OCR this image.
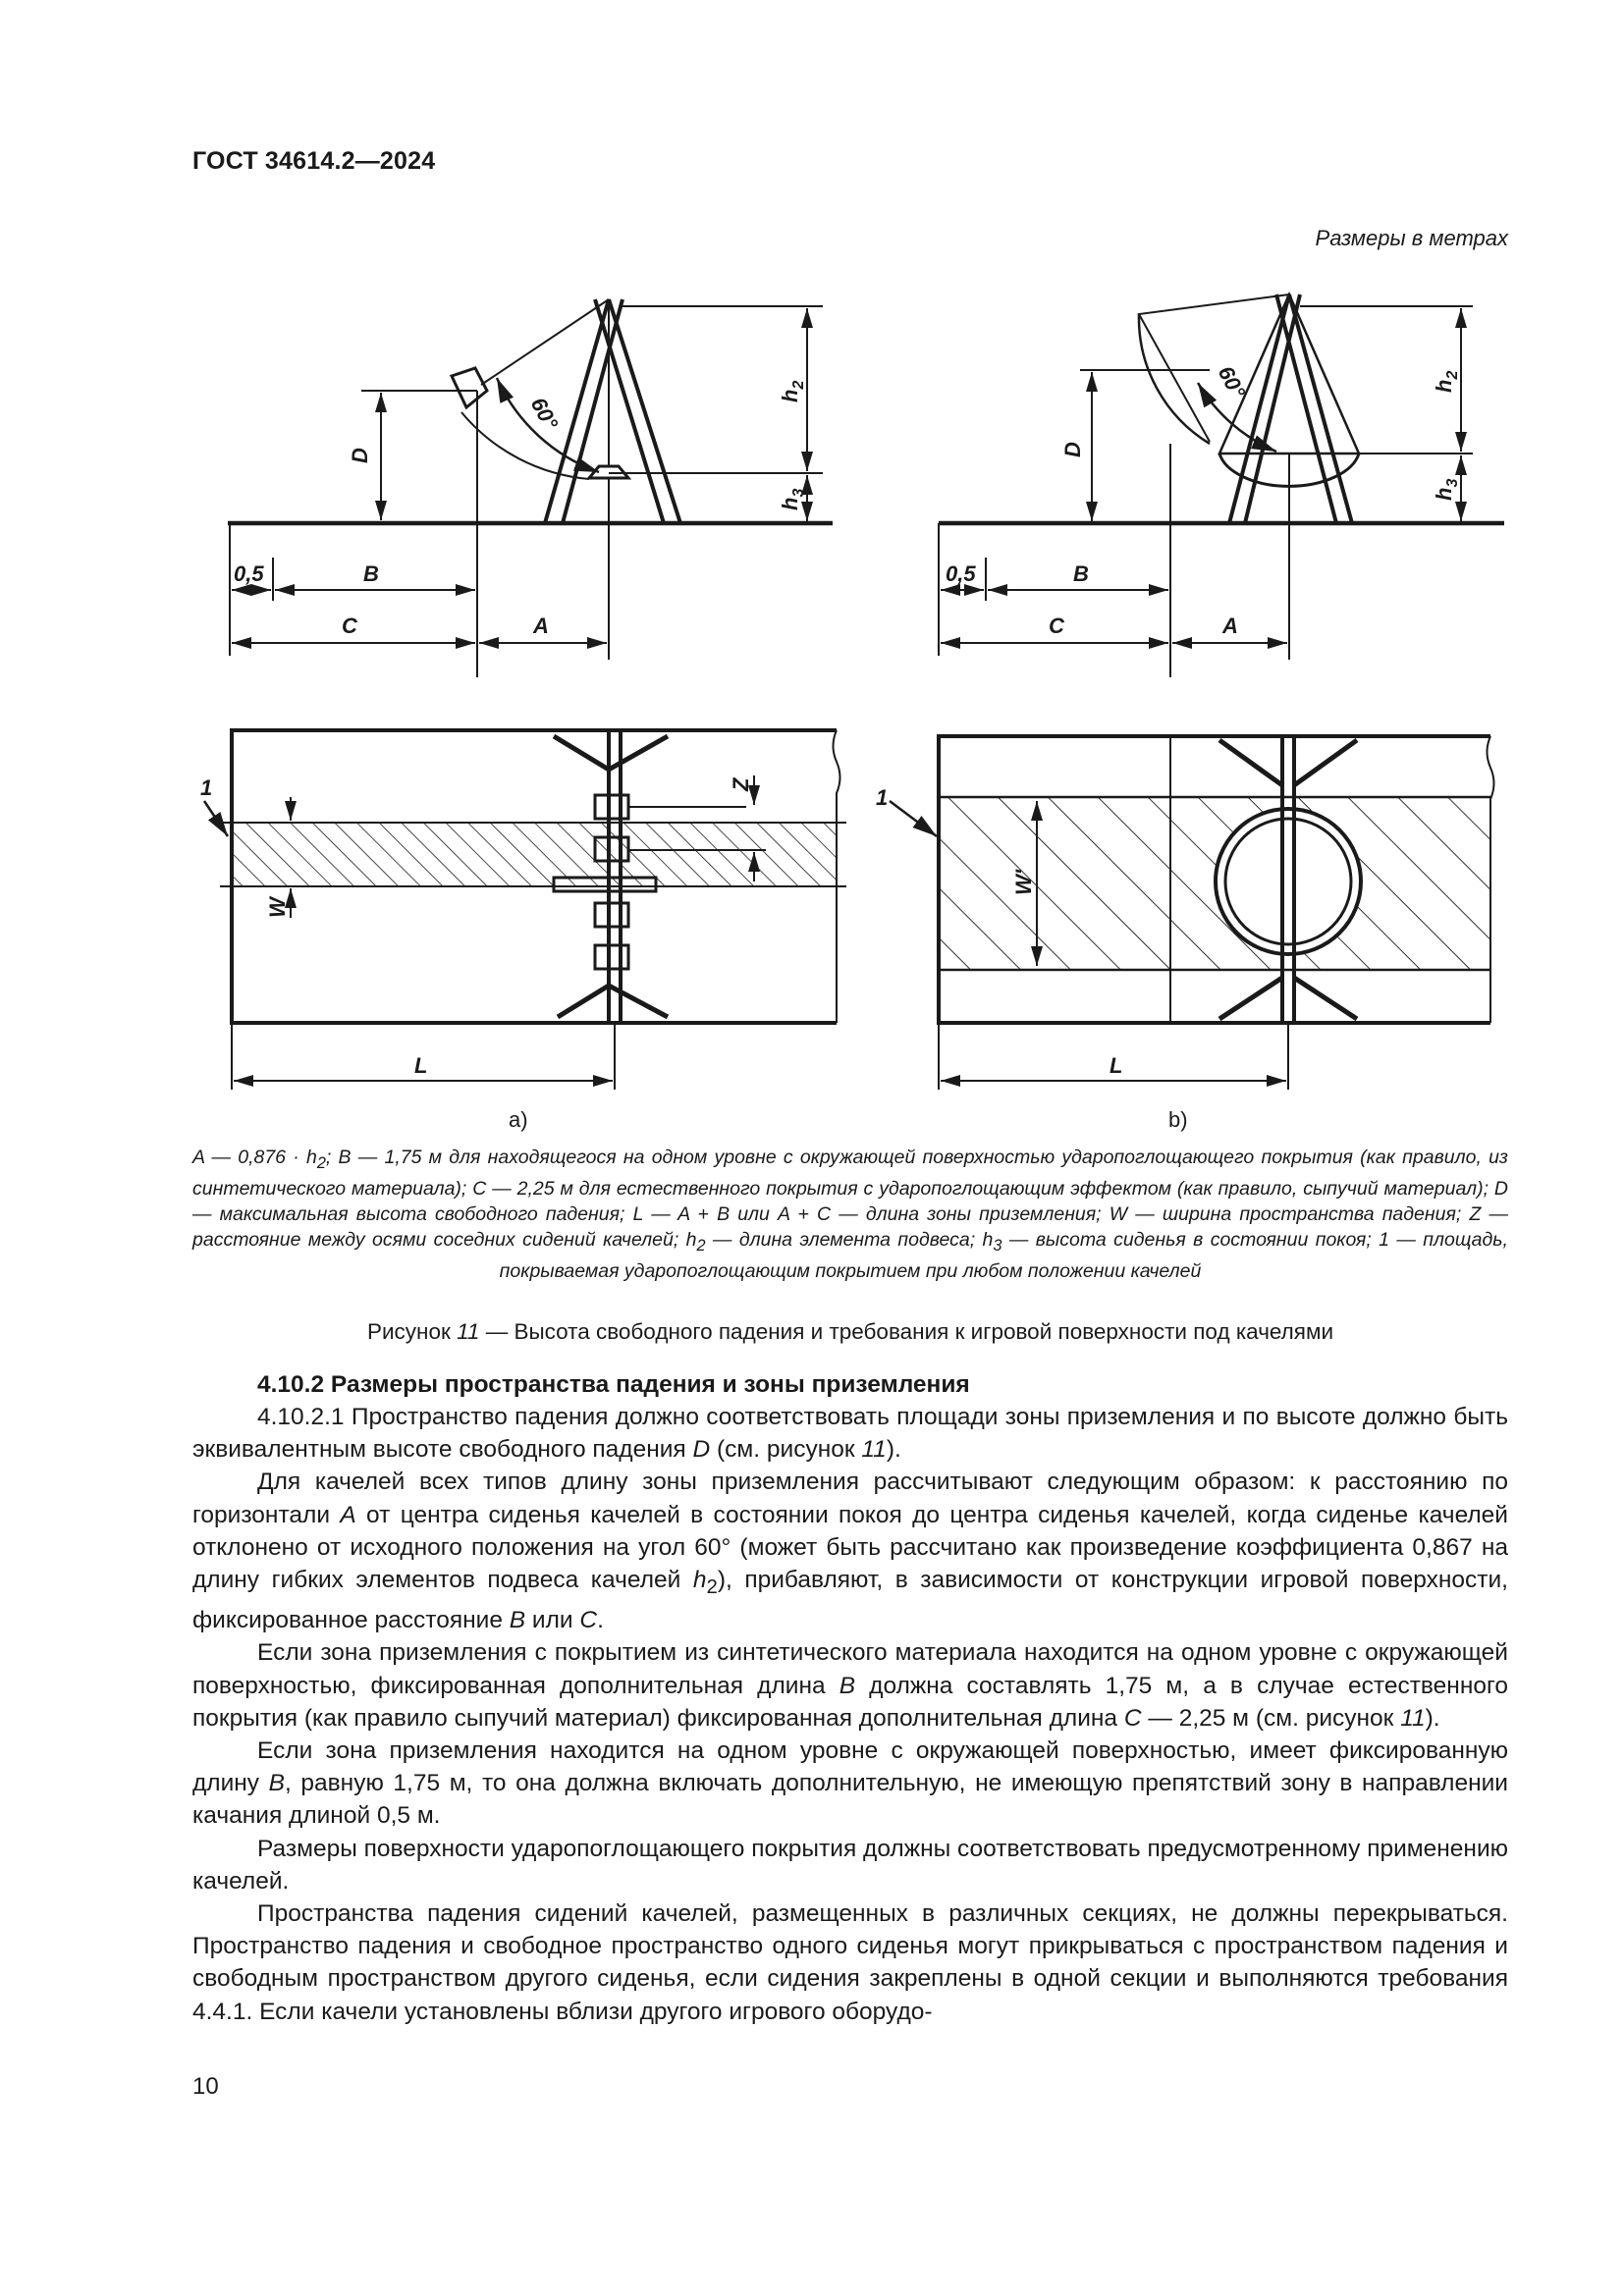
ГОСТ 34614.2—2024
Размеры в метрах
D
$h_2$
$h_3$
60°
0,5	B
C	A
D
$h_2$
$h_3$
60°
0,5	B
C	A
1
W
Z
L
a)
1
W'
L
b)
A — $0,876 \cdot h_2$; B — 1,75 м для находящегося на одном уровне с окружающей поверхностью ударопоглощающего покрытия (как правило, из синтетического материала); C — 2,25 м для естественного покрытия с ударопоглощающим эффектом (как правило, сыпучий материал); D — максимальная высота свободного падения; L — A + B или A + C — длина зоны приземления; W — ширина пространства падения; Z — расстояние между осями соседних сидений качелей; $h_2$ — длина элемента подвеса; $h_3$ — высота сиденья в состоянии покоя; 1 — площадь, покрываемая ударопоглощающим покрытием при любом положении качелей
Рисунок 11 — Высота свободного падения и требования к игровой поверхности под качелями
4.10.2 Размеры пространства падения и зоны приземления

4.10.2.1 Пространство падения должно соответствовать площади зоны приземления и по высоте должно быть эквивалентным высоте свободного падения D (см. рисунок 11).

Для качелей всех типов длину зоны приземления рассчитывают следующим образом: к расстоянию по горизонтали A от центра сиденья качелей в состоянии покоя до центра сиденья качелей, когда сиденье качелей отклонено от исходного положения на угол 60° (может быть рассчитано как произведение коэффициента 0,867 на длину гибких элементов подвеса качелей $h_2$), прибавляют, в зависимости от конструкции игровой поверхности, фиксированное расстояние B или C.

Если зона приземления с покрытием из синтетического материала находится на одном уровне с окружающей поверхностью, фиксированная дополнительная длина B должна составлять 1,75 м, а в случае естественного покрытия (как правило сыпучий материал) фиксированная дополнительная длина C — 2,25 м (см. рисунок 11).

Если зона приземления находится на одном уровне с окружающей поверхностью, имеет фиксированную длину B, равную 1,75 м, то она должна включать дополнительную, не имеющую препятствий зону в направлении качания длиной 0,5 м.

Размеры поверхности ударопоглощающего покрытия должны соответствовать предусмотренному применению качелей.

Пространства падения сидений качелей, размещенных в различных секциях, не должны перекрываться. Пространство падения и свободное пространство одного сиденья могут прикрываться с пространством падения и свободным пространством другого сиденья, если сидения закреплены в одной секции и выполняются требования 4.4.1. Если качели установлены вблизи другого игрового оборудо-

10
